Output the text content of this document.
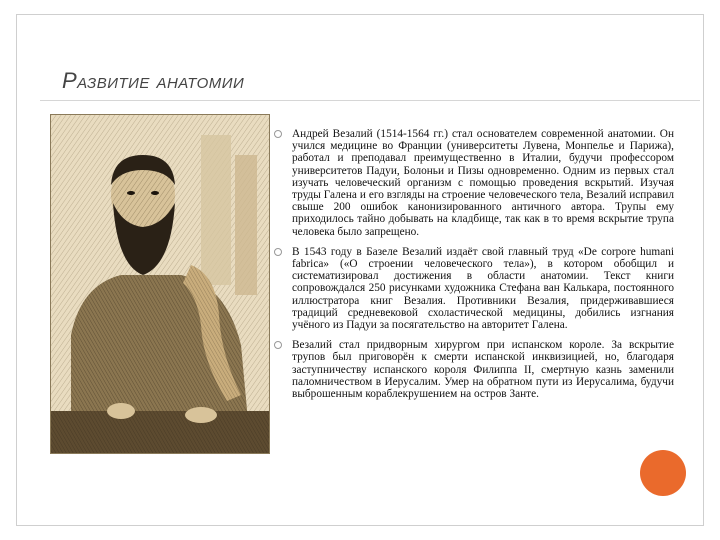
Развитие анатомии
Андрей Везалий (1514-1564 гг.) стал основателем современной анатомии. Он учился медицине во Франции (университеты Лувена, Монпелье и Парижа), работал и преподавал преимущественно в Италии, будучи профессором университетов Падуи, Болоньи и Пизы одновременно. Одним из первых стал изучать человеческий организм с помощью проведения вскрытий. Изучая труды Галена и его взгляды на строение человеческого тела, Везалий исправил свыше 200 ошибок канонизированного античного автора. Трупы ему приходилось тайно добывать на кладбище, так как в то время вскрытие трупа человека было запрещено.
В 1543 году в Базеле Везалий издаёт свой главный труд «De corpore humani fabrica» («О строении человеческого тела»), в котором обобщил и систематизировал достижения в области анатомии. Текст книги сопровождался 250 рисунками художника Стефана ван Калькара, постоянного иллюстратора книг Везалия. Противники Везалия, придерживавшиеся традиций средневековой схоластической медицины, добились изгнания учёного из Падуи за посягательство на авторитет Галена.
Везалий стал придворным хирургом при испанском короле. За вскрытие трупов был приговорён к смерти испанской инквизицией, но, благодаря заступничеству испанского короля Филиппа II, смертную казнь заменили паломничеством в Иерусалим. Умер на обратном пути из Иерусалима, будучи выброшенным кораблекрушением на остров Занте.
